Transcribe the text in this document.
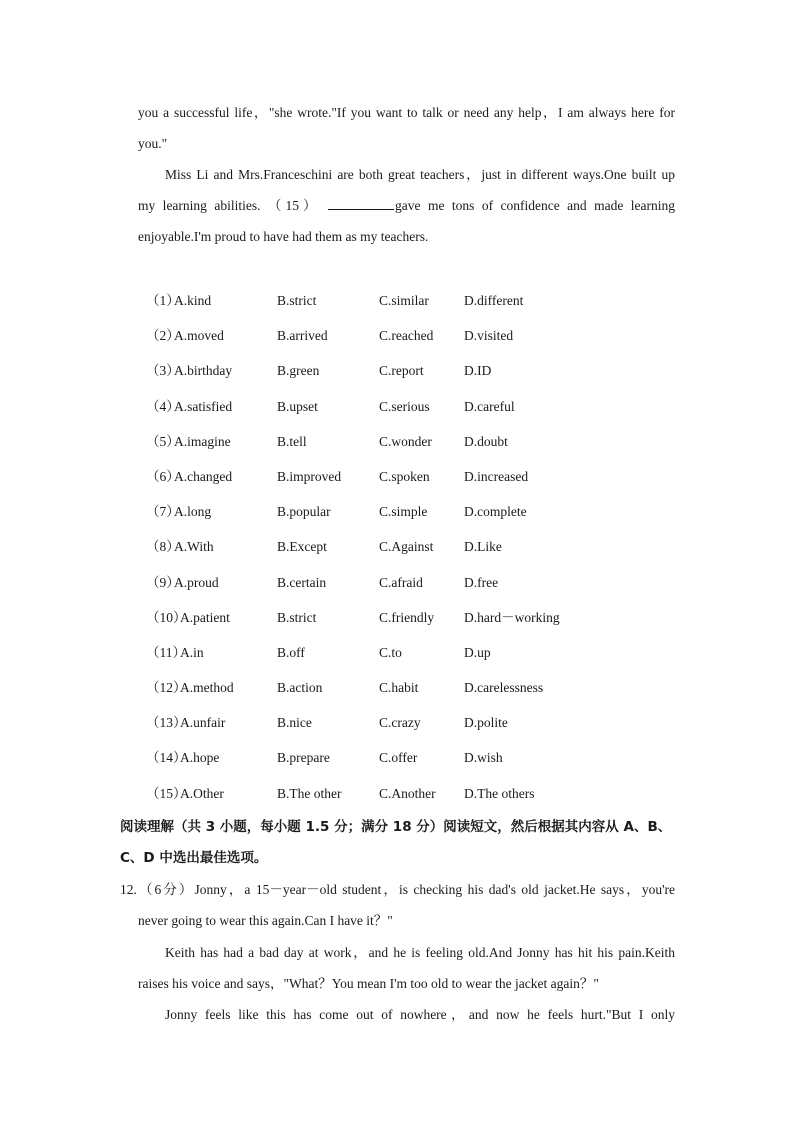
you a successful life，"she wrote."If you want to talk or need any help，I am always here for

you."

Miss Li and Mrs.Franceschini are both great teachers，just in different ways.One built up

my learning abilities. （15）	gave me tons of confidence and made learning

enjoyable.I'm proud to have had them as my teachers.

（1）
A.kind	B.strict	C.similar	D.different
（2）
A.moved	B.arrived	C.reached D.visited
（3）
A.birthday	B.green	C.report	D.ID
（4）
A.satisfied	B.upset	C.serious	D.careful
（5）
A.imagine	B.tell	C.wonder D.doubt
（6）
A.changed	B.improved	C.spoken	D.increased
（7）
A.long	B.popular	C.simple	D.complete
（8）
A.With	B.Except	C.Against D.Like
（9）
A.proud	B.certain	C.afraid	D.free
（10）
A.patient	B.strict	C.friendly D.hard－working
（11）
A.in	B.off	C.to	D.up
（12）
A.method	B.action	C.habit	D.carelessness
（13）
A.unfair	B.nice	C.crazy	D.polite
（14）
A.hope	B.prepare	C.offer	D.wish
（15）
A.Other	B.The other	C.Another D.The others

阅读理解（共 3 小题，每小题 1.5 分；满分 18 分）阅读短文，然后根据其内容从 A、B、

C、D 中选出最佳选项。

12.（6分）Jonny，a 15－year－old student，is checking his dad's old jacket.He says，you're

never going to wear this again.Can I have it？"

Keith has had a bad day at work，and he is feeling old.And Jonny has hit his pain.Keith

raises his voice and says，"What？You mean I'm too old to wear the jacket again？"

Jonny feels like this has come out of nowhere，and now he feels hurt."But I only
